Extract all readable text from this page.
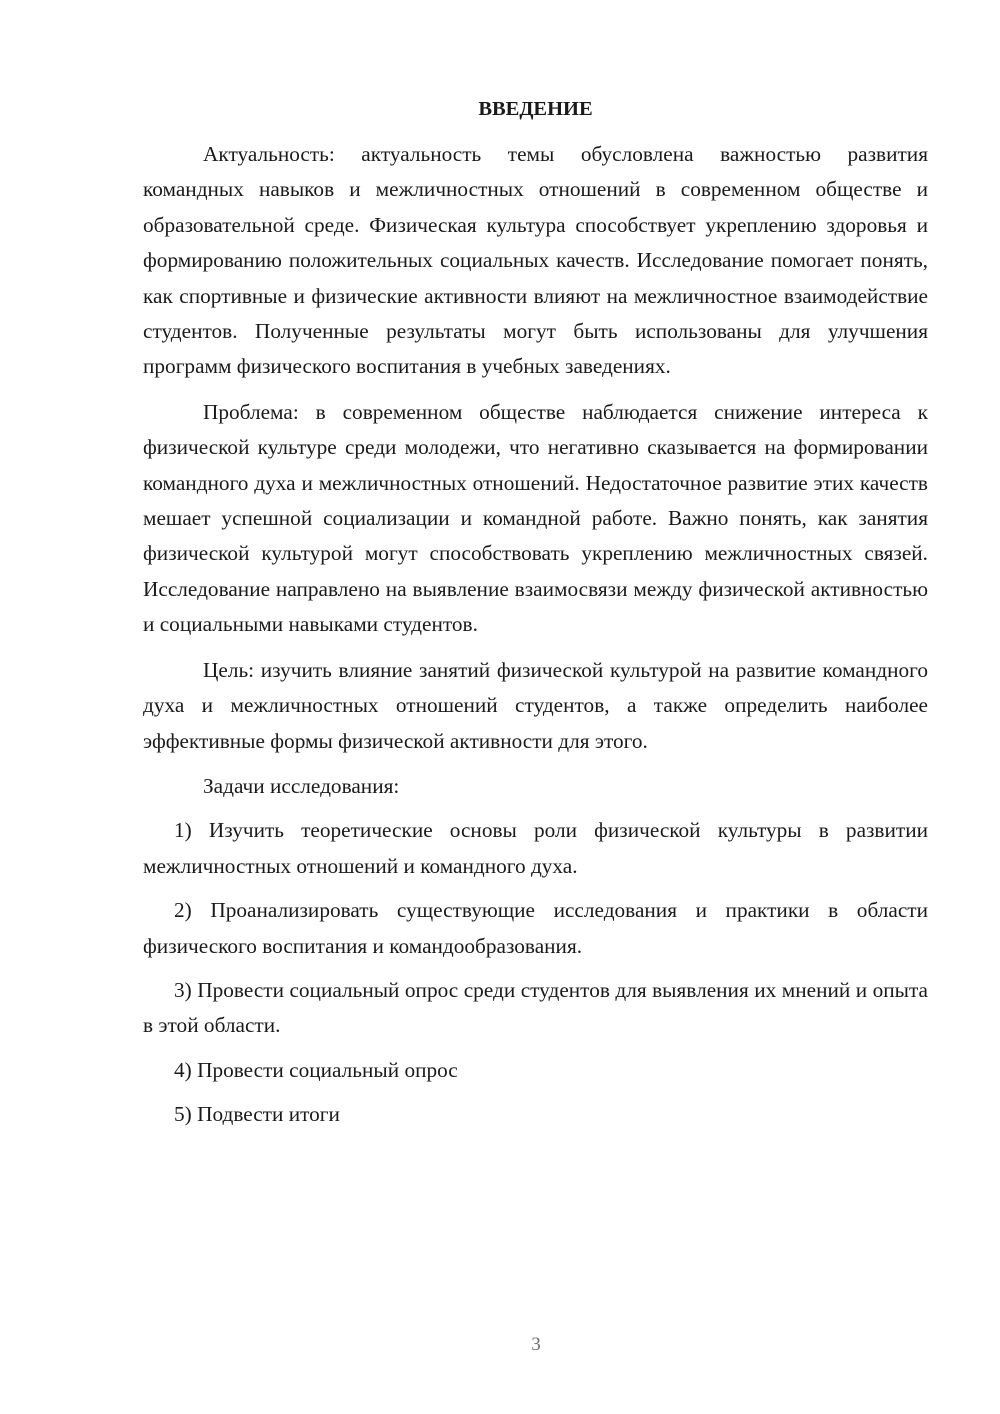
ВВЕДЕНИЕ

Актуальность: актуальность темы обусловлена важностью развития командных навыков и межличностных отношений в современном обществе и образовательной среде. Физическая культура способствует укреплению здоровья и формированию положительных социальных качеств. Исследование помогает понять, как спортивные и физические активности влияют на межличностное взаимодействие студентов. Полученные результаты могут быть использованы для улучшения программ физического воспитания в учебных заведениях.

Проблема: в современном обществе наблюдается снижение интереса к физической культуре среди молодежи, что негативно сказывается на формировании командного духа и межличностных отношений. Недостаточное развитие этих качеств мешает успешной социализации и командной работе. Важно понять, как занятия физической культурой могут способствовать укреплению межличностных связей. Исследование направлено на выявление взаимосвязи между физической активностью и социальными навыками студентов.

Цель: изучить влияние занятий физической культурой на развитие командного духа и межличностных отношений студентов, а также определить наиболее эффективные формы физической активности для этого.

Задачи исследования:

1) Изучить теоретические основы роли физической культуры в развитии межличностных отношений и командного духа.

2) Проанализировать существующие исследования и практики в области физического воспитания и командообразования.

3) Провести социальный опрос среди студентов для выявления их мнений и опыта в этой области.

4) Провести социальный опрос

5) Подвести итоги

3
